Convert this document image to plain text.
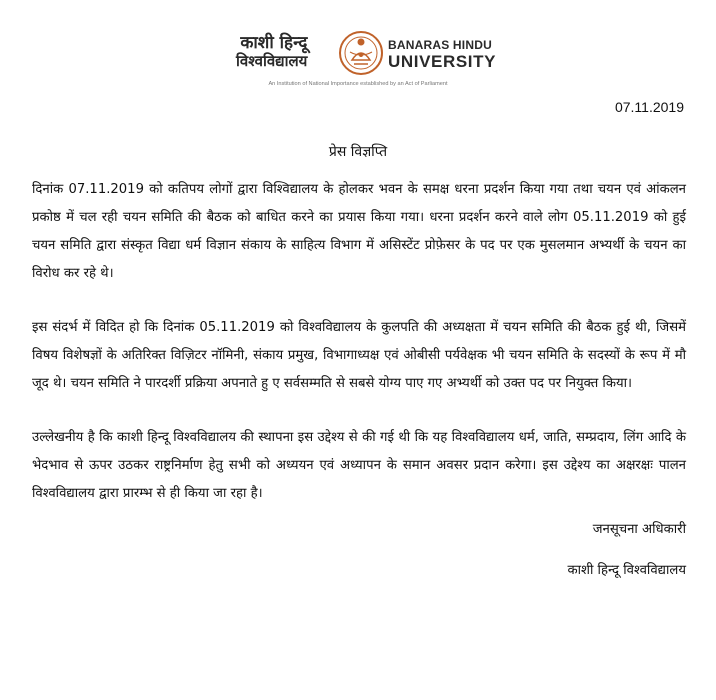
काशी हिन्दू
विश्वविद्यालय
BANARAS HINDU
UNIVERSITY
An Institution of National Importance established by an Act of Parliament
07.11.2019
प्रेस विज्ञप्ति

दिनांक 07.11.2019 को कतिपय लोगों द्वारा विश्विद्यालय के होलकर भवन के समक्ष धरना प्रदर्शन किया गया तथा चयन एवं आंकलन प्रकोष्ठ में चल रही चयन समिति की बैठक को बाधित करने का प्रयास किया गया। धरना प्रदर्शन करने वाले लोग 05.11.2019 को हुई चयन समिति द्वारा संस्कृत विद्या धर्म विज्ञान संकाय के साहित्य विभाग में असिस्टेंट प्रोफ़ेसर के पद पर एक मुसलमान अभ्यर्थी के चयन का विरोध कर रहे थे।

इस संदर्भ में विदित हो कि दिनांक 05.11.2019 को विश्वविद्यालय के कुलपति की अध्यक्षता में चयन समिति की बैठक हुई थी, जिसमें विषय विशेषज्ञों के अतिरिक्त विज़िटर नॉमिनी, संकाय प्रमुख, विभागाध्यक्ष एवं ओबीसी पर्यवेक्षक भी चयन समिति के सदस्यों के रूप में मौ जूद थे। चयन समिति ने पारदर्शी प्रक्रिया अपनाते हु ए सर्वसम्मति से सबसे योग्य पाए गए अभ्यर्थी को उक्त पद पर नियुक्त किया।

उल्लेखनीय है कि काशी हिन्दू विश्वविद्यालय की स्थापना इस उद्देश्य से की गई थी कि यह विश्वविद्यालय धर्म, जाति, सम्प्रदाय, लिंग आदि के भेदभाव से ऊपर उठकर राष्ट्रनिर्माण हेतु सभी को अध्ययन एवं अध्यापन के समान अवसर प्रदान करेगा। इस उद्देश्य का अक्षरक्षः पालन विश्वविद्यालय द्वारा प्रारम्भ से ही किया जा रहा है।

जनसूचना अधिकारी
काशी हिन्दू विश्वविद्यालय
